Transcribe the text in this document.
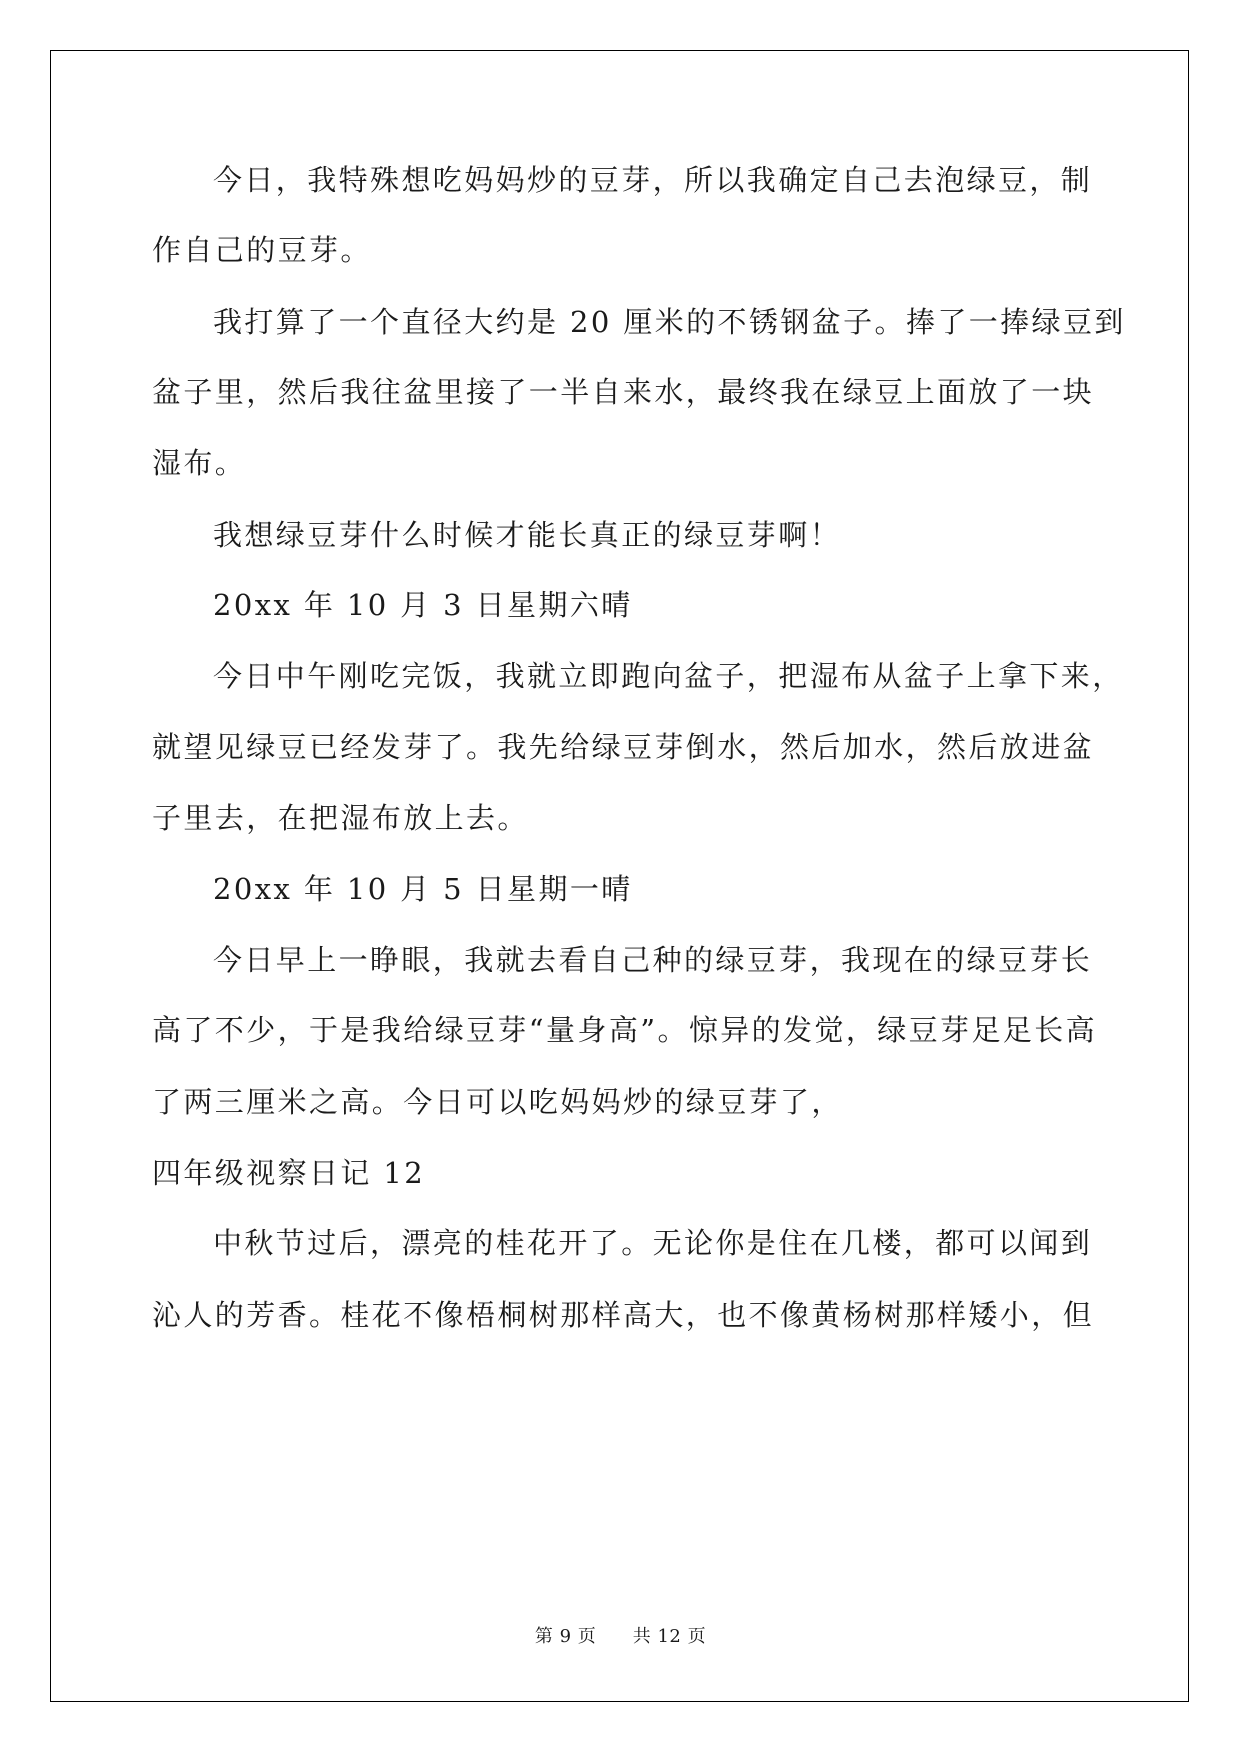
今日，我特殊想吃妈妈炒的豆芽，所以我确定自己去泡绿豆，制
作自己的豆芽。
我打算了一个直径大约是 20 厘米的不锈钢盆子。捧了一捧绿豆到
盆子里，然后我往盆里接了一半自来水，最终我在绿豆上面放了一块
湿布。
我想绿豆芽什么时候才能长真正的绿豆芽啊！
20xx 年 10 月 3 日星期六晴
今日中午刚吃完饭，我就立即跑向盆子，把湿布从盆子上拿下来，
就望见绿豆已经发芽了。我先给绿豆芽倒水，然后加水，然后放进盆
子里去，在把湿布放上去。
20xx 年 10 月 5 日星期一晴
今日早上一睁眼，我就去看自己种的绿豆芽，我现在的绿豆芽长
高了不少，于是我给绿豆芽“量身高”。惊异的发觉，绿豆芽足足长高
了两三厘米之高。今日可以吃妈妈炒的绿豆芽了，
四年级视察日记 12
中秋节过后，漂亮的桂花开了。无论你是住在几楼，都可以闻到
沁人的芳香。桂花不像梧桐树那样高大，也不像黄杨树那样矮小，但
第 9 页 共 12 页
